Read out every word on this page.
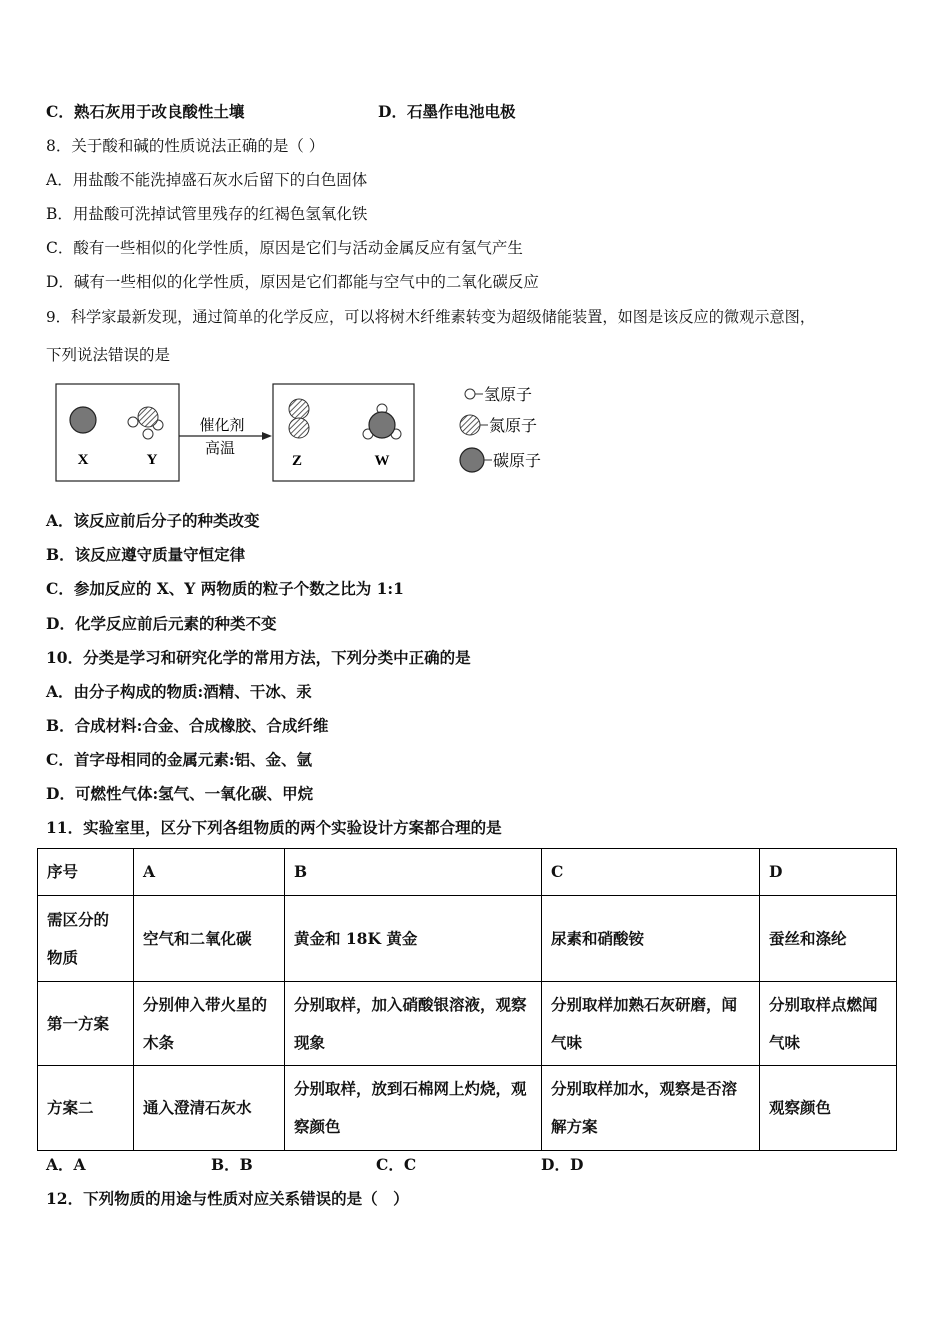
C．熟石灰用于改良酸性土壤	D．石墨作电池电极
8．关于酸和碱的性质说法正确的是（ ）
A．用盐酸不能洗掉盛石灰水后留下的白色固体
B．用盐酸可洗掉试管里残存的红褐色氢氧化铁
C．酸有一些相似的化学性质，原因是它们与活动金属反应有氢气产生
D．碱有一些相似的化学性质，原因是它们都能与空气中的二氧化碳反应
9．科学家最新发现，通过简单的化学反应，可以将树木纤维素转变为超级储能装置，如图是该反应的微观示意图，
下列说法错误的是
X	Y
催化剂
高温
Z	W
氢原子
氮原子
碳原子
A．该反应前后分子的种类改变
B．该反应遵守质量守恒定律
C．参加反应的 X、Y 两物质的粒子个数之比为 1:1
D．化学反应前后元素的种类不变
10．分类是学习和研究化学的常用方法，下列分类中正确的是
A．由分子构成的物质:酒精、干冰、汞
B．合成材料:合金、合成橡胶、合成纤维
C．首字母相同的金属元素:铝、金、氩
D．可燃性气体:氢气、一氧化碳、甲烷
11．实验室里，区分下列各组物质的两个实验设计方案都合理的是
序号	A	B	C	D
需区分的物质	空气和二氧化碳	黄金和 18K 黄金	尿素和硝酸铵	蚕丝和涤纶
第一方案	分别伸入带火星的木条	分别取样，加入硝酸银溶液，观察现象	分别取样加熟石灰研磨，闻气味	分别取样点燃闻气味
方案二	通入澄清石灰水	分别取样，放到石棉网上灼烧，观察颜色	分别取样加水，观察是否溶解方案	观察颜色
A．A	B．B	C．C	D．D
12．下列物质的用途与性质对应关系错误的是（　）
